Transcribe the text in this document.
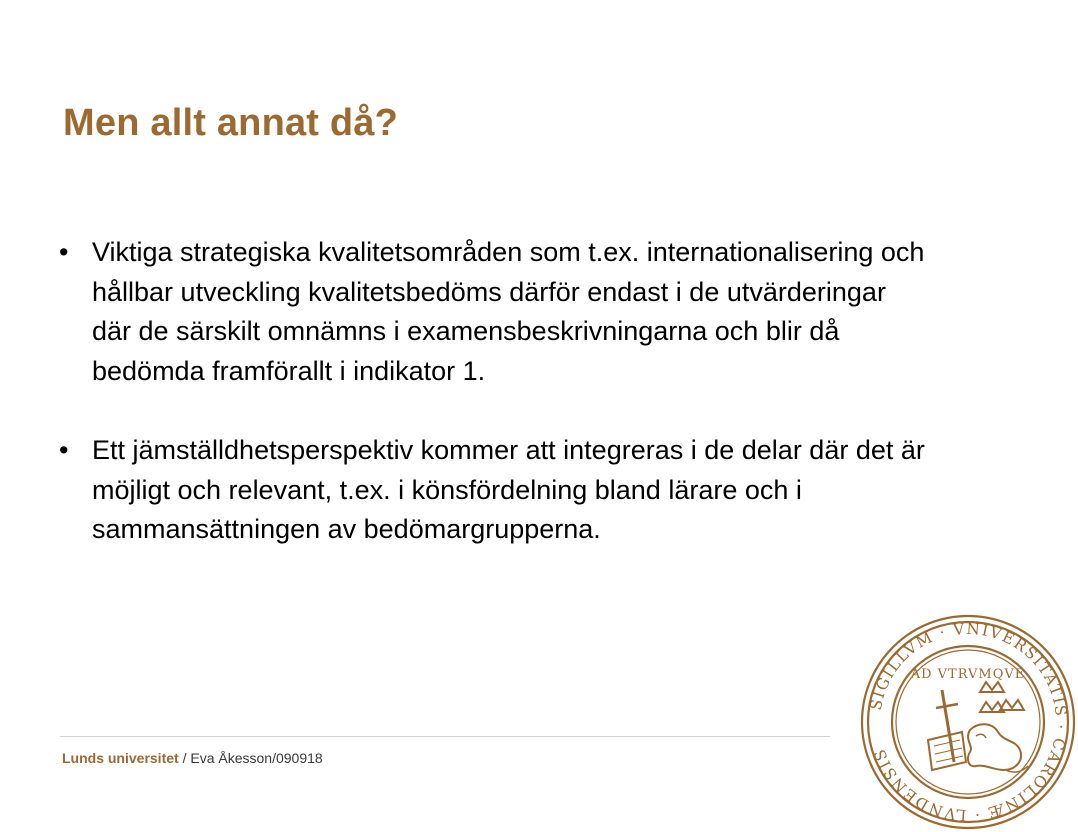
Men allt annat då?
• Viktiga strategiska kvalitetsområden som t.ex. internationalisering och hållbar utveckling kvalitetsbedöms därför endast i de utvärderingar där de särskilt omnämns i examensbeskrivningarna och blir då bedömda framförallt i indikator 1.
• Ett jämställdhetsperspektiv kommer att integreras i de delar där det är möjligt och relevant, t.ex. i könsfördelning bland lärare och i sammansättningen av bedömargrupperna.
Lunds universitet / Eva Åkesson/090918
SIGILLVM · VNIVERSITATIS · CAROLINÆ · LVNDENSIS
AD VTRVMQVE
